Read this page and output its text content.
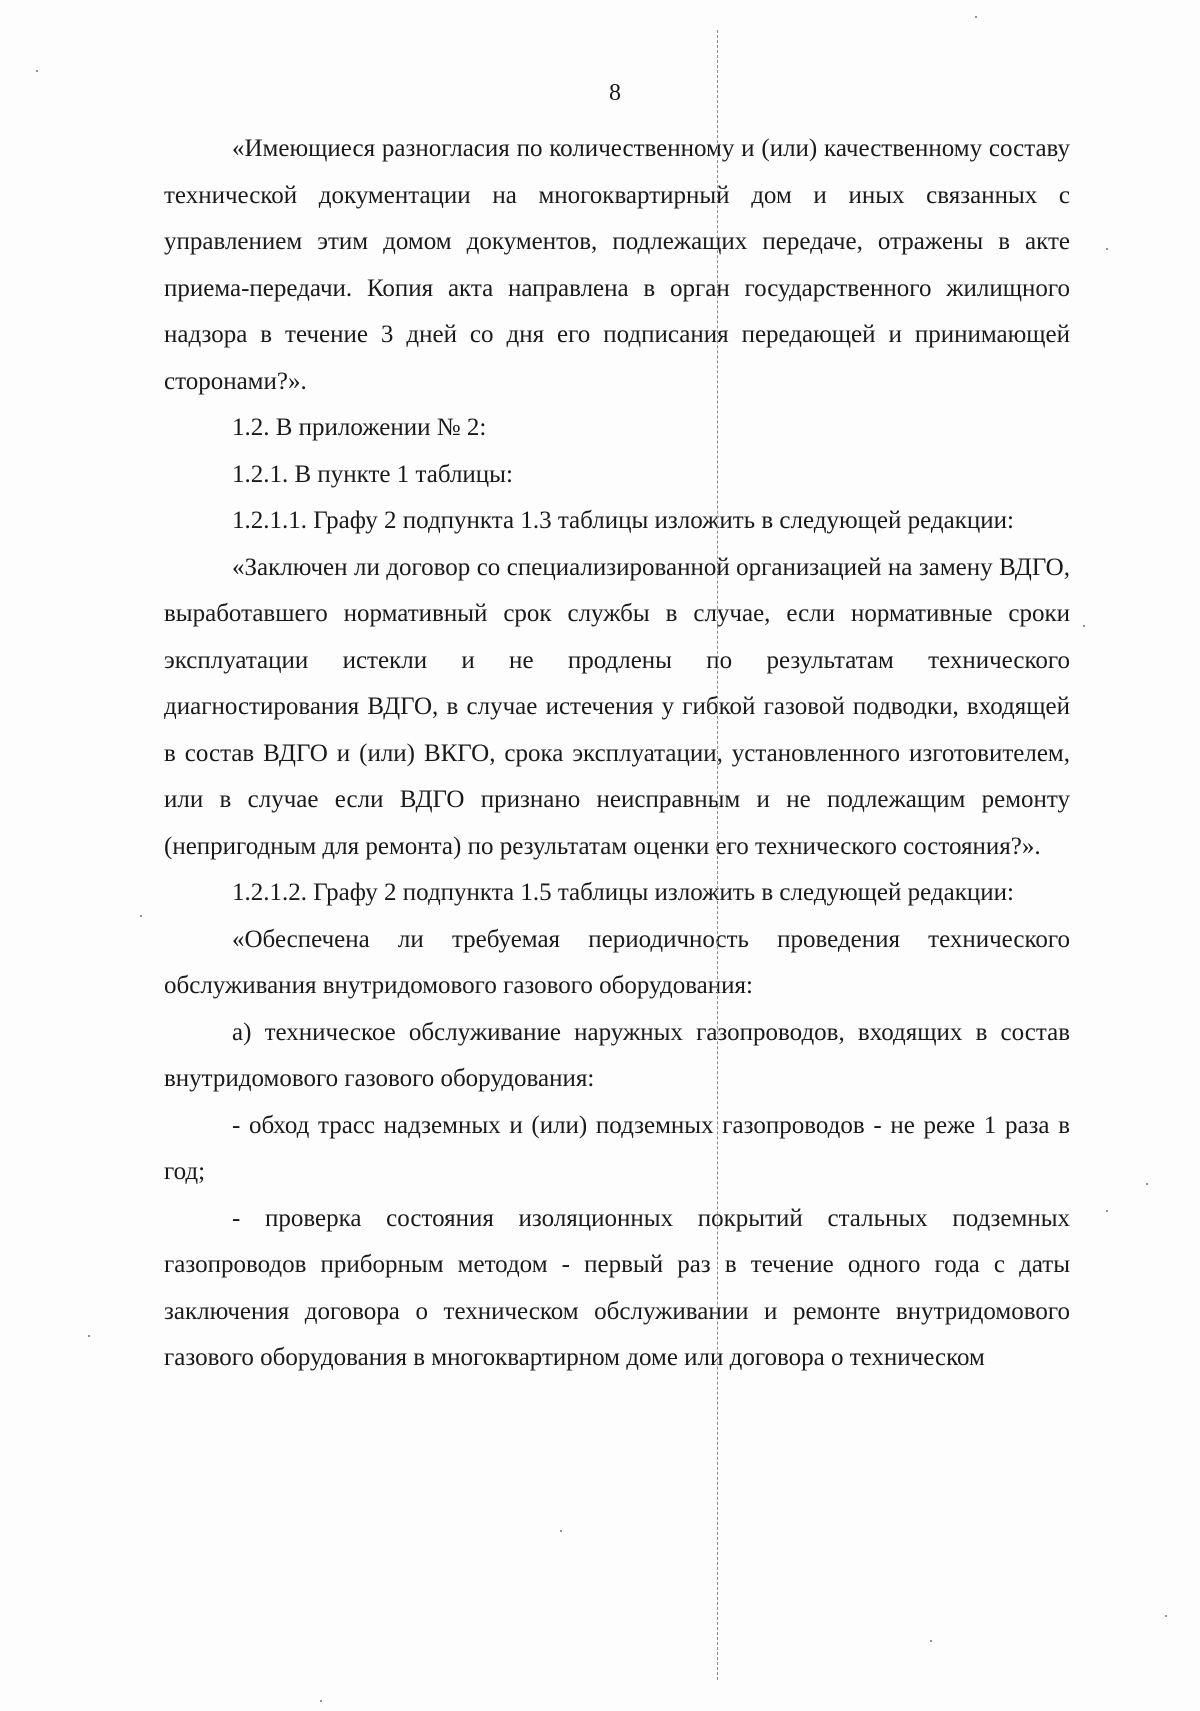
8

«Имеющиеся разногласия по количественному и (или) качественному составу технической документации на многоквартирный дом и иных связанных с управлением этим домом документов, подлежащих передаче, отражены в акте приема-передачи. Копия акта направлена в орган государственного жилищного надзора в течение 3 дней со дня его подписания передающей и принимающей сторонами?».

1.2. В приложении № 2:

1.2.1. В пункте 1 таблицы:

1.2.1.1. Графу 2 подпункта 1.3 таблицы изложить в следующей редакции:

«Заключен ли договор со специализированной организацией на замену ВДГО, выработавшего нормативный срок службы в случае, если нормативные сроки эксплуатации истекли и не продлены по результатам технического диагностирования ВДГО, в случае истечения у гибкой газовой подводки, входящей в состав ВДГО и (или) ВКГО, срока эксплуатации, установленного изготовителем, или в случае если ВДГО признано неисправным и не подлежащим ремонту (непригодным для ремонта) по результатам оценки его технического состояния?».

1.2.1.2. Графу 2 подпункта 1.5 таблицы изложить в следующей редакции:

«Обеспечена ли требуемая периодичность проведения технического обслуживания внутридомового газового оборудования:

а) техническое обслуживание наружных газопроводов, входящих в состав внутридомового газового оборудования:

- обход трасс надземных и (или) подземных газопроводов - не реже 1 раза в год;

- проверка состояния изоляционных покрытий стальных подземных газопроводов приборным методом - первый раз в течение одного года с даты заключения договора о техническом обслуживании и ремонте внутридомового газового оборудования в многоквартирном доме или договора о техническом
